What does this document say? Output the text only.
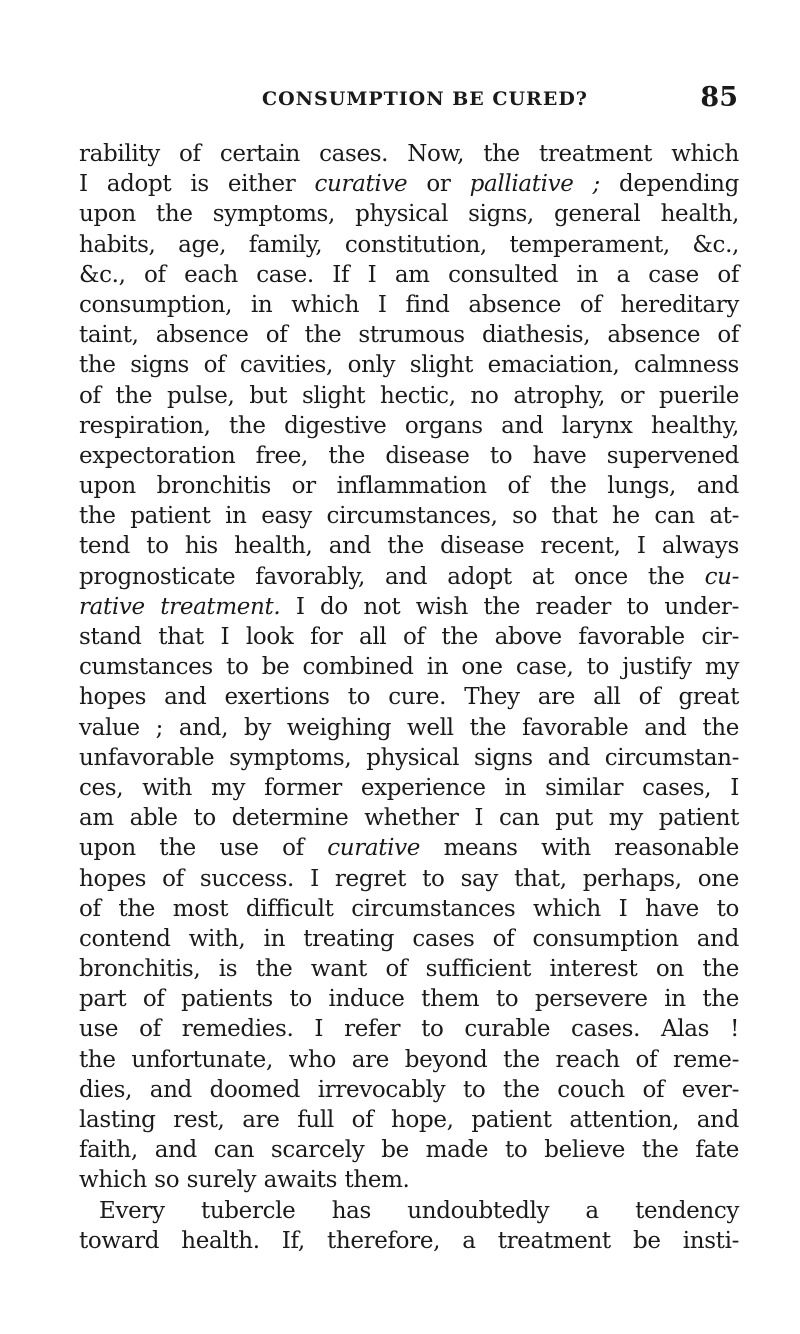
CONSUMPTION BE CURED?	85
rability of certain cases. Now, the treatment which
I adopt is either curative or palliative ; depending
upon the symptoms, physical signs, general health,
habits, age, family, constitution, temperament, &c.,
&c., of each case. If I am consulted in a case of
consumption, in which I find absence of hereditary
taint, absence of the strumous diathesis, absence of
the signs of cavities, only slight emaciation, calmness
of the pulse, but slight hectic, no atrophy, or puerile
respiration, the digestive organs and larynx healthy,
expectoration free, the disease to have supervened
upon bronchitis or inflammation of the lungs, and
the patient in easy circumstances, so that he can at-
tend to his health, and the disease recent, I always
prognosticate favorably, and adopt at once the cu-
rative treatment. I do not wish the reader to under-
stand that I look for all of the above favorable cir-
cumstances to be combined in one case, to justify my
hopes and exertions to cure. They are all of great
value ; and, by weighing well the favorable and the
unfavorable symptoms, physical signs and circumstan-
ces, with my former experience in similar cases, I
am able to determine whether I can put my patient
upon the use of curative means with reasonable
hopes of success. I regret to say that, perhaps, one
of the most difficult circumstances which I have to
contend with, in treating cases of consumption and
bronchitis, is the want of sufficient interest on the
part of patients to induce them to persevere in the
use of remedies. I refer to curable cases. Alas !
the unfortunate, who are beyond the reach of reme-
dies, and doomed irrevocably to the couch of ever-
lasting rest, are full of hope, patient attention, and
faith, and can scarcely be made to believe the fate
which so surely awaits them.
Every tubercle has undoubtedly a tendency
toward health. If, therefore, a treatment be insti-
